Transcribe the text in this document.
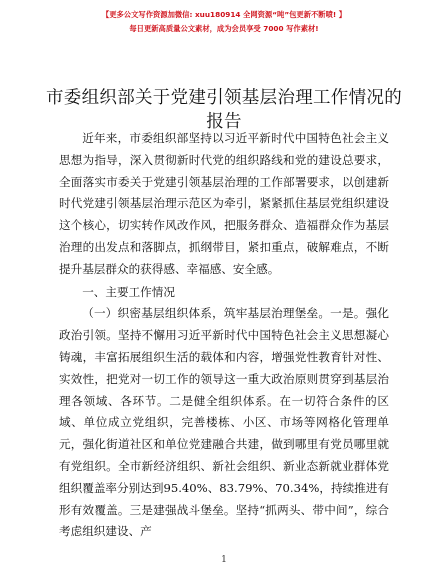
【更多公文写作资源加微信: xuu180914 全网资源“吨”包更新不断喷! 】
每日更新高质量公文素材，成为会员享受 7000 写作素材!
市委组织部关于党建引领基层治理工作情况的
报告

近年来，市委组织部坚持以习近平新时代中国特色社会主义思想为指导，深入贯彻新时代党的组织路线和党的建设总要求，全面落实市委关于党建引领基层治理的工作部署要求，以创建新时代党建引领基层治理示范区为牵引，紧紧抓住基层党组织建设这个核心，切实转作风改作风，把服务群众、造福群众作为基层治理的出发点和落脚点，抓纲带目，紧扣重点，破解难点，不断提升基层群众的获得感、幸福感、安全感。

一、主要工作情况

（一）织密基层组织体系，筑牢基层治理堡垒。一是。强化政治引领。坚持不懈用习近平新时代中国特色社会主义思想凝心铸魂，丰富拓展组织生活的载体和内容，增强党性教育针对性、实效性，把党对一切工作的领导这一重大政治原则贯穿到基层治理各领域、各环节。二是健全组织体系。在一切符合条件的区域、单位成立党组织，完善楼栋、小区、市场等网格化管理单元，强化街道社区和单位党建融合共建，做到哪里有党员哪里就有党组织。全市新经济组织、新社会组织、新业态新就业群体党组织覆盖率分别达到95.40%、83.79%、70.34%，持续推进有形有效覆盖。三是建强战斗堡垒。坚持“抓两头、带中间”，综合考虑组织建设、产

1
